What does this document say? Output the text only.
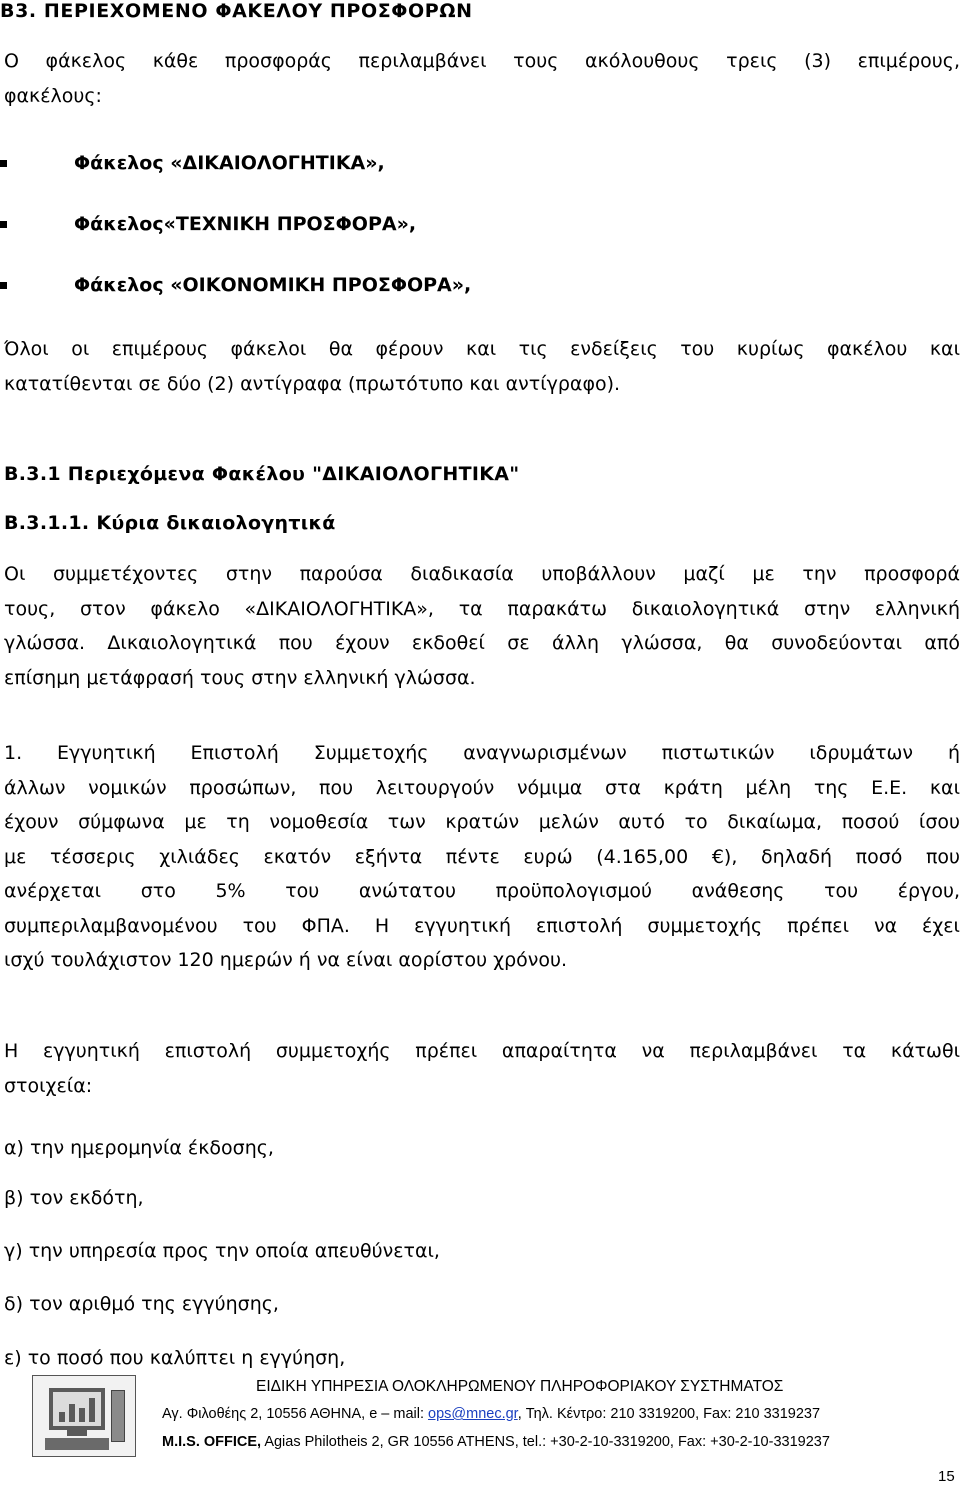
Β3. ΠΕΡΙΕΧΟΜΕΝΟ ΦΑΚΕΛΟΥ ΠΡΟΣΦΟΡΩΝ
Ο φάκελος κάθε προσφοράς περιλαμβάνει τους ακόλουθους τρεις (3) επιμέρους,
φακέλους:
Φάκελος «ΔΙΚΑΙΟΛΟΓΗΤΙΚΑ»,
Φάκελος«ΤΕΧΝΙΚΗ ΠΡΟΣΦΟΡΑ»,
Φάκελος «ΟΙΚΟΝΟΜΙΚΗ ΠΡΟΣΦΟΡΑ»,
Όλοι οι επιμέρους φάκελοι θα φέρουν και τις ενδείξεις του κυρίως φακέλου και
κατατίθενται σε δύο (2) αντίγραφα (πρωτότυπο και αντίγραφο).
Β.3.1 Περιεχόμενα Φακέλου "ΔΙΚΑΙΟΛΟΓΗΤΙΚΑ"
Β.3.1.1. Κύρια δικαιολογητικά
Οι συμμετέχοντες στην παρούσα διαδικασία υποβάλλουν μαζί με την προσφορά
τους, στον φάκελο «ΔΙΚΑΙΟΛΟΓΗΤΙΚΑ», τα παρακάτω δικαιολογητικά στην ελληνική
γλώσσα. Δικαιολογητικά που έχουν εκδοθεί σε άλλη γλώσσα, θα συνοδεύονται από
επίσημη μετάφρασή τους στην ελληνική γλώσσα.
1. Εγγυητική Επιστολή Συμμετοχής αναγνωρισμένων πιστωτικών ιδρυμάτων ή
άλλων νομικών προσώπων, που λειτουργούν νόμιμα στα κράτη μέλη της Ε.Ε. και
έχουν σύμφωνα με τη νομοθεσία των κρατών μελών αυτό το δικαίωμα, ποσού ίσου
με τέσσερις χιλιάδες εκατόν εξήντα πέντε ευρώ (4.165,00 €), δηλαδή ποσό που
ανέρχεται στο 5% του ανώτατου προϋπολογισμού ανάθεσης του έργου,
συμπεριλαμβανομένου του ΦΠΑ. Η εγγυητική επιστολή συμμετοχής πρέπει να έχει
ισχύ τουλάχιστον 120 ημερών ή να είναι αορίστου χρόνου.
Η εγγυητική επιστολή συμμετοχής πρέπει απαραίτητα να περιλαμβάνει τα κάτωθι
στοιχεία:
α) την ημερομηνία έκδοσης,
β) τον εκδότη,
γ) την υπηρεσία προς την οποία απευθύνεται,
δ) τον αριθμό της εγγύησης,
ε) το ποσό που καλύπτει η εγγύηση,
ΕΙΔΙΚΗ ΥΠΗΡΕΣΙΑ ΟΛΟΚΛΗΡΩΜΕΝΟΥ ΠΛΗΡΟΦΟΡΙΑΚΟΥ ΣΥΣΤΗΜΑΤΟΣ
Αγ. Φιλοθέης 2, 10556 ΑΘΗΝΑ, e – mail: ops@mnec.gr, Τηλ. Κέντρο: 210 3319200, Fax: 210 3319237
M.I.S. OFFICE, Agias Philotheis 2, GR 10556 ATHENS, tel.: +30-2-10-3319200, Fax: +30-2-10-3319237
15
